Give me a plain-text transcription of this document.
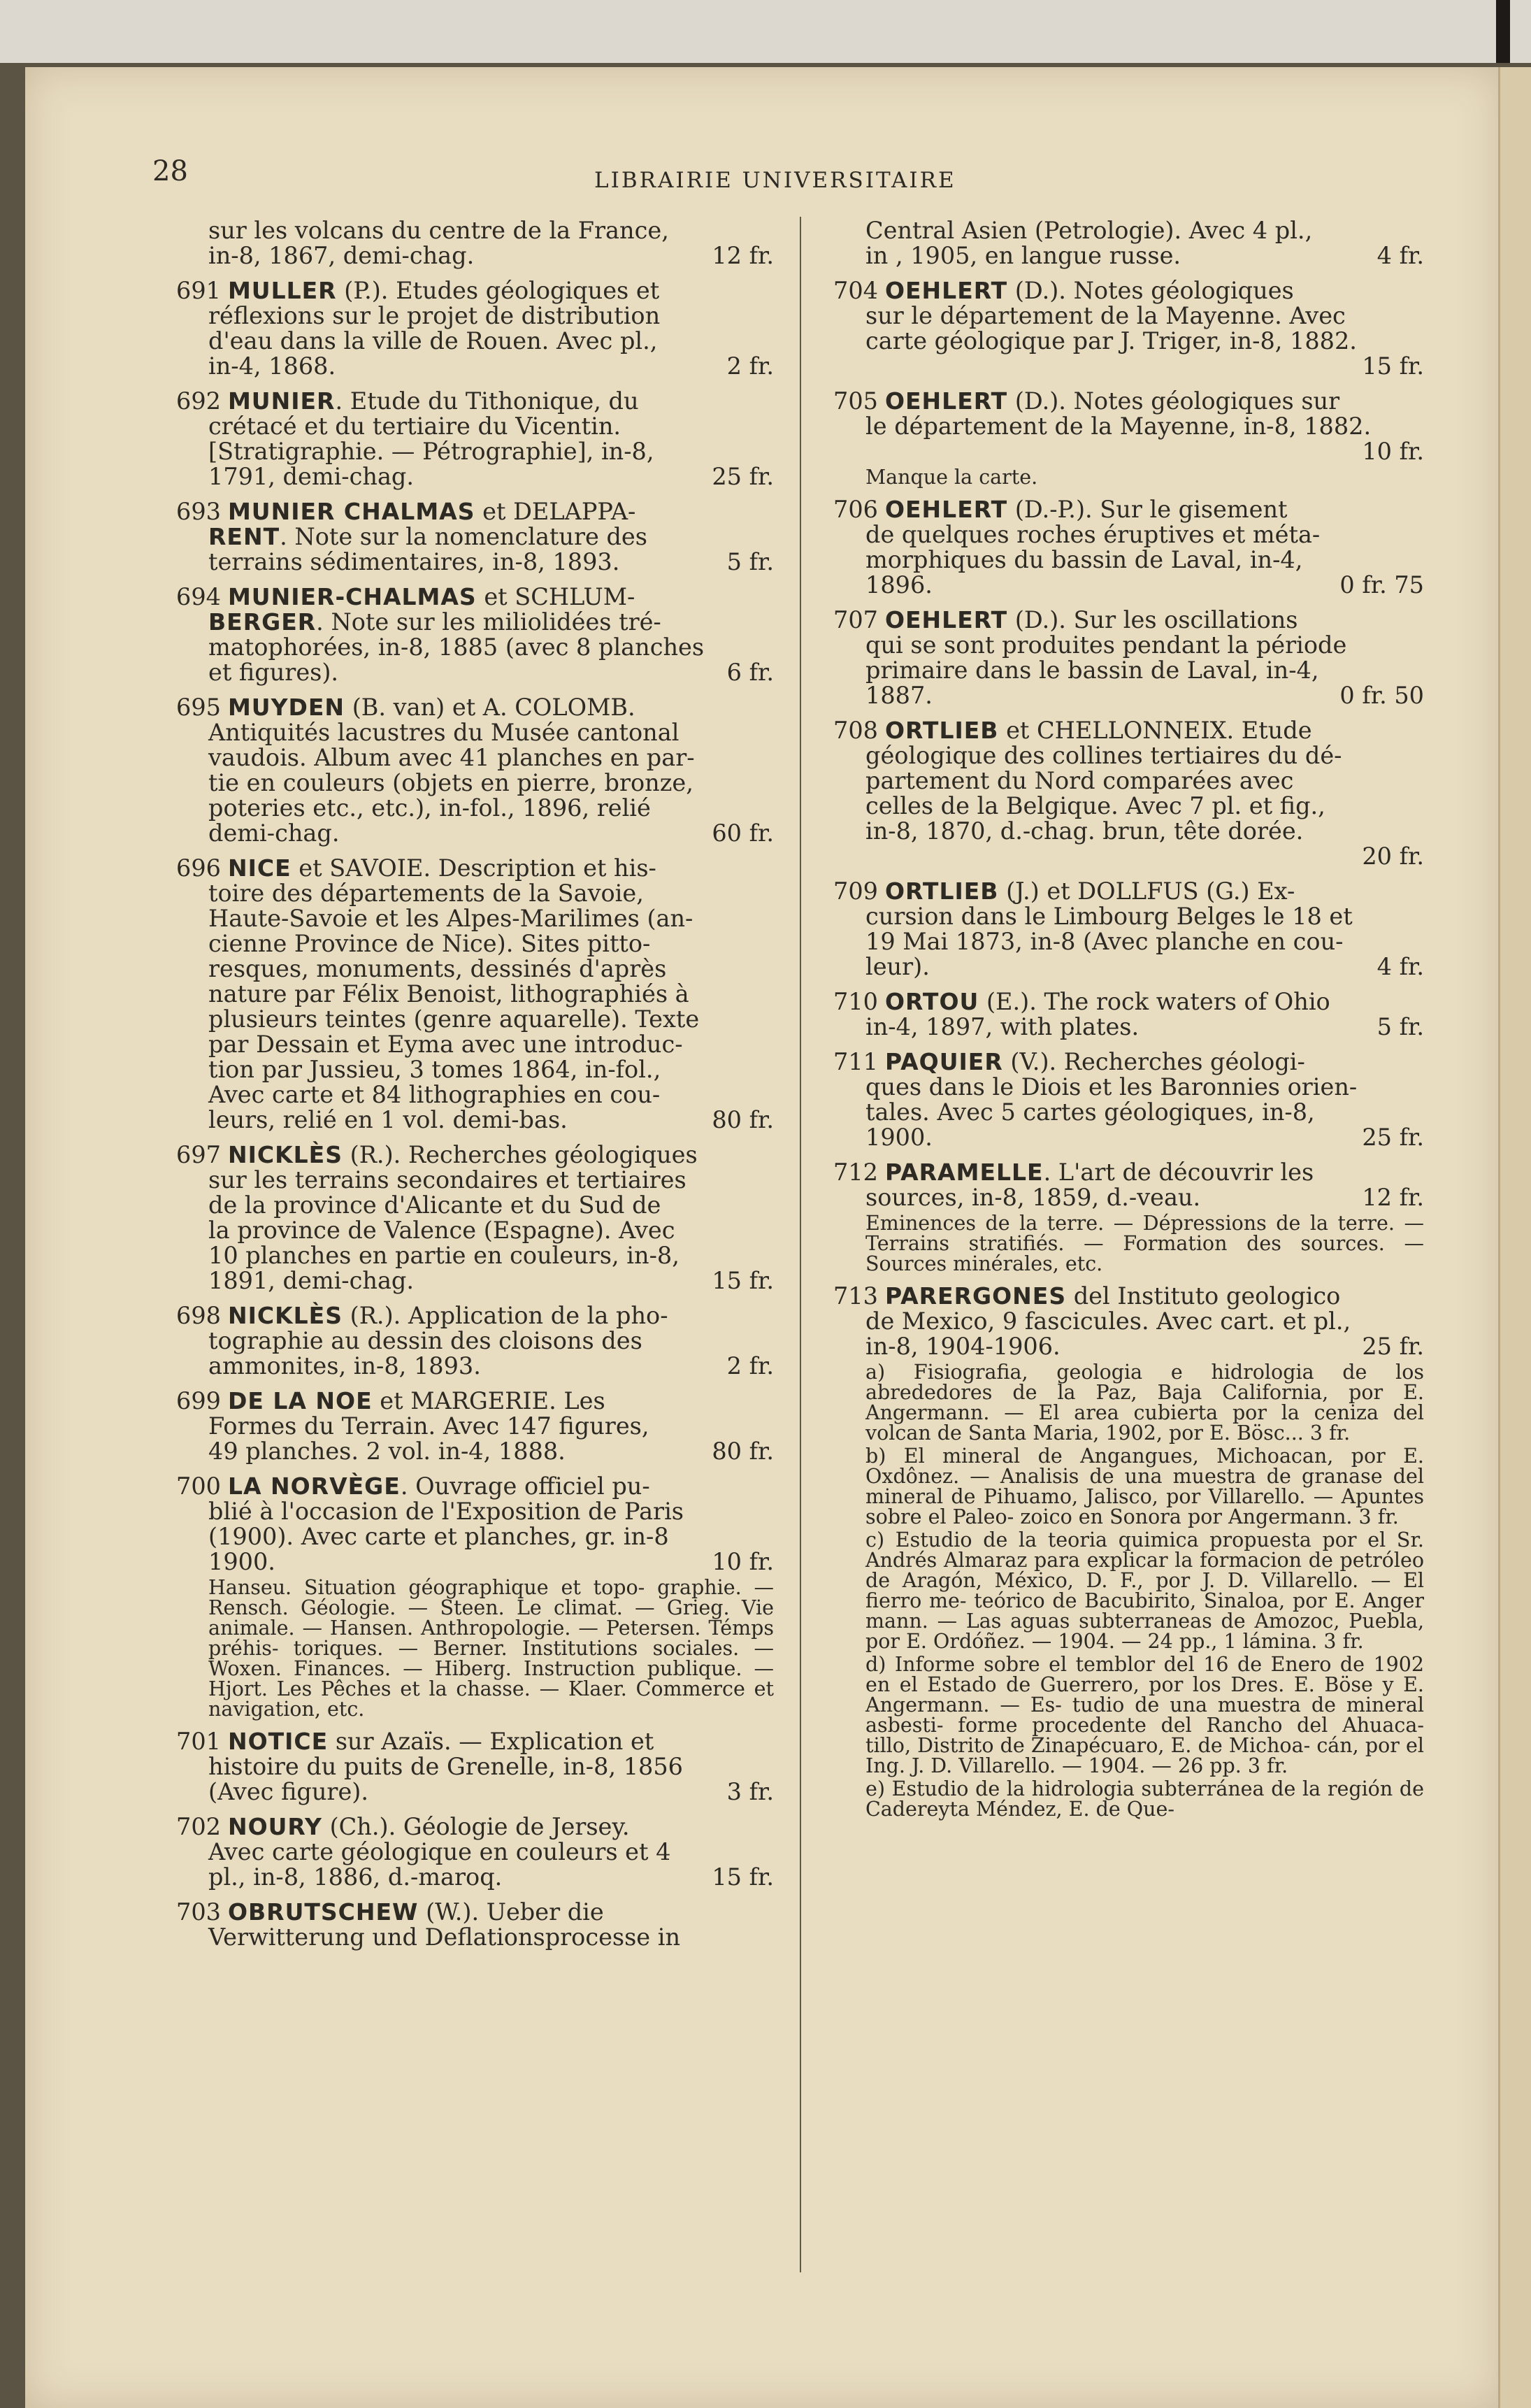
28	LIBRAIRIE UNIVERSITAIRE
sur les volcans du centre de la France,
12 fr.
in-8, 1867, demi-chag.
691 MULLER (P.). Etudes géologiques et
réflexions sur le projet de distribution
d'eau dans la ville de Rouen. Avec pl.,
2 fr.
in-4, 1868.
692 MUNIER. Etude du Tithonique, du
crétacé et du tertiaire du Vicentin.
[Stratigraphie. — Pétrographie], in-8,
25 fr.
1791, demi-chag.
693 MUNIER CHALMAS et DELAPPA-
RENT. Note sur la nomenclature des
5 fr.
terrains sédimentaires, in-8, 1893.
694 MUNIER-CHALMAS et SCHLUM-
BERGER. Note sur les miliolidées tré-
matophorées, in-8, 1885 (avec 8 planches
6 fr.
et figures).
695 MUYDEN (B. van) et A. COLOMB.
Antiquités lacustres du Musée cantonal
vaudois. Album avec 41 planches en par-
tie en couleurs (objets en pierre, bronze,
poteries etc., etc.), in-fol., 1896, relié
60 fr.
demi-chag.
696 NICE et SAVOIE. Description et his-
toire des départements de la Savoie,
Haute-Savoie et les Alpes-Marilimes (an-
cienne Province de Nice). Sites pitto-
resques, monuments, dessinés d'après
nature par Félix Benoist, lithographiés à
plusieurs teintes (genre aquarelle). Texte
par Dessain et Eyma avec une introduc-
tion par Jussieu, 3 tomes 1864, in-fol.,
Avec carte et 84 lithographies en cou-
80 fr.
leurs, relié en 1 vol. demi-bas.
697 NICKLÈS (R.). Recherches géologiques
sur les terrains secondaires et tertiaires
de la province d'Alicante et du Sud de
la province de Valence (Espagne). Avec
10 planches en partie en couleurs, in-8,
15 fr.
1891, demi-chag.
698 NICKLÈS (R.). Application de la pho-
tographie au dessin des cloisons des
2 fr.
ammonites, in-8, 1893.
699 DE LA NOE et MARGERIE. Les
Formes du Terrain. Avec 147 figures,
80 fr.
49 planches. 2 vol. in-4, 1888.
700 LA NORVÈGE. Ouvrage officiel pu-
blié à l'occasion de l'Exposition de Paris
(1900). Avec carte et planches, gr. in-8
10 fr.
1900.
Hanseu. Situation géographique et topo- graphie. — Rensch. Géologie. — Steen. Le climat. — Grieg. Vie animale. — Hansen. Anthropologie. — Petersen. Témps préhis- toriques. — Berner. Institutions sociales. — Woxen. Finances. — Hiberg. Instruction publique. — Hjort. Les Pêches et la chasse. — Klaer. Commerce et navigation, etc.
701 NOTICE sur Azaïs. — Explication et
histoire du puits de Grenelle, in-8, 1856
3 fr.
(Avec figure).
702 NOURY (Ch.). Géologie de Jersey.
Avec carte géologique en couleurs et 4
15 fr.
pl., in-8, 1886, d.-maroq.
703 OBRUTSCHEW (W.). Ueber die
Verwitterung und Deflationsprocesse in
Central Asien (Petrologie). Avec 4 pl.,
4 fr.
in , 1905, en langue russe.
704 OEHLERT (D.). Notes géologiques
sur le département de la Mayenne. Avec
carte géologique par J. Triger, in-8, 1882.
15 fr.

705 OEHLERT (D.). Notes géologiques sur
le département de la Mayenne, in-8, 1882.
10 fr.

Manque la carte.
706 OEHLERT (D.-P.). Sur le gisement
de quelques roches éruptives et méta-
morphiques du bassin de Laval, in-4,
0 fr. 75
1896.
707 OEHLERT (D.). Sur les oscillations
qui se sont produites pendant la période
primaire dans le bassin de Laval, in-4,
0 fr. 50
1887.
708 ORTLIEB et CHELLONNEIX. Etude
géologique des collines tertiaires du dé-
partement du Nord comparées avec
celles de la Belgique. Avec 7 pl. et fig.,
in-8, 1870, d.-chag. brun, tête dorée.
20 fr.

709 ORTLIEB (J.) et DOLLFUS (G.) Ex-
cursion dans le Limbourg Belges le 18 et
19 Mai 1873, in-8 (Avec planche en cou-
4 fr.
leur).
710 ORTOU (E.). The rock waters of Ohio
5 fr.
in-4, 1897, with plates.
711 PAQUIER (V.). Recherches géologi-
ques dans le Diois et les Baronnies orien-
tales. Avec 5 cartes géologiques, in-8,
25 fr.
1900.
712 PARAMELLE. L'art de découvrir les
12 fr.
sources, in-8, 1859, d.-veau.
Eminences de la terre. — Dépressions de la terre. — Terrains stratifiés. — Formation des sources. — Sources minérales, etc.
713 PARERGONES del Instituto geologico
de Mexico, 9 fascicules. Avec cart. et pl.,
25 fr.
in-8, 1904-1906.
a) Fisiografia, geologia e hidrologia de los abrededores de la Paz, Baja California, por E. Angermann. — El area cubierta por la ceniza del volcan de Santa Maria, 1902, por E. Bösc... 3 fr.
b) El mineral de Angangues, Michoacan, por E. Oxdônez. — Analisis de una muestra de granase del mineral de Pihuamo, Jalisco, por Villarello. — Apuntes sobre el Paleo- zoico en Sonora por Angermann. 3 fr.
c) Estudio de la teoria quimica propuesta por el Sr. Andrés Almaraz para explicar la formacion de petróleo de Aragón, México, D. F., por J. D. Villarello. — El fierro me- teórico de Bacubirito, Sinaloa, por E. Anger mann. — Las aguas subterraneas de Amozoc, Puebla, por E. Ordóñez. — 1904. — 24 pp., 1 lámina. 3 fr.
d) Informe sobre el temblor del 16 de Enero de 1902 en el Estado de Guerrero, por los Dres. E. Böse y E. Angermann. — Es- tudio de una muestra de mineral asbesti- forme procedente del Rancho del Ahuaca- tillo, Distrito de Zinapécuaro, E. de Michoa- cán, por el Ing. J. D. Villarello. — 1904. — 26 pp. 3 fr.
e) Estudio de la hidrologia subterránea de la región de Cadereyta Méndez, E. de Que-
